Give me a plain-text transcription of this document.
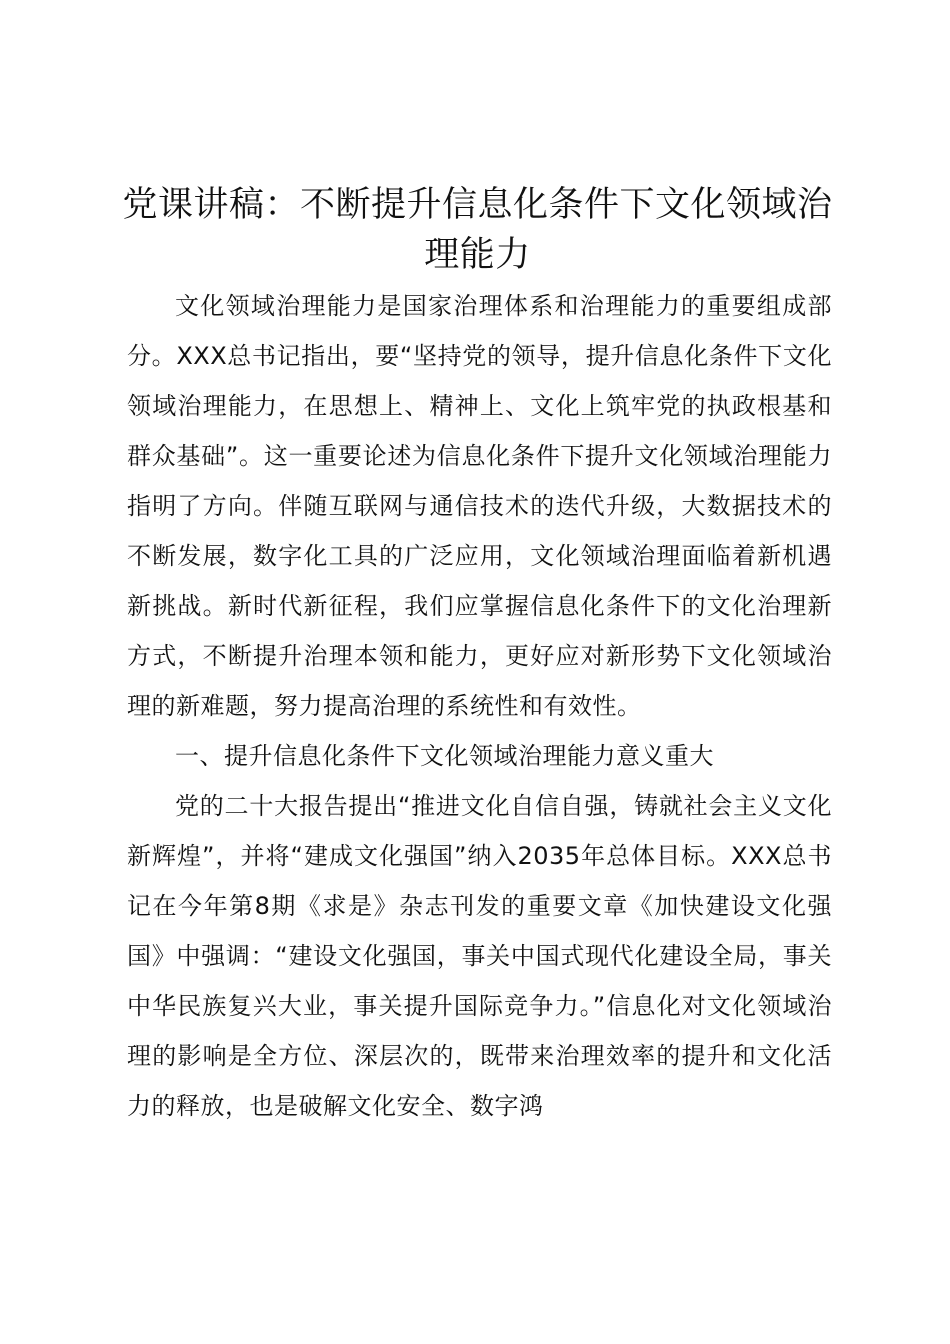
党课讲稿：不断提升信息化条件下文化领域治理能力

文化领域治理能力是国家治理体系和治理能力的重要组成部分。XXX总书记指出，要“坚持党的领导，提升信息化条件下文化领域治理能力，在思想上、精神上、文化上筑牢党的执政根基和群众基础”。这一重要论述为信息化条件下提升文化领域治理能力指明了方向。伴随互联网与通信技术的迭代升级，大数据技术的不断发展，数字化工具的广泛应用，文化领域治理面临着新机遇新挑战。新时代新征程，我们应掌握信息化条件下的文化治理新方式，不断提升治理本领和能力，更好应对新形势下文化领域治理的新难题，努力提高治理的系统性和有效性。

一、提升信息化条件下文化领域治理能力意义重大

党的二十大报告提出“推进文化自信自强，铸就社会主义文化新辉煌”，并将“建成文化强国”纳入2035年总体目标。XXX总书记在今年第8期《求是》杂志刊发的重要文章《加快建设文化强国》中强调：“建设文化强国，事关中国式现代化建设全局，事关中华民族复兴大业，事关提升国际竞争力。”信息化对文化领域治理的影响是全方位、深层次的，既带来治理效率的提升和文化活力的释放，也是破解文化安全、数字鸿
